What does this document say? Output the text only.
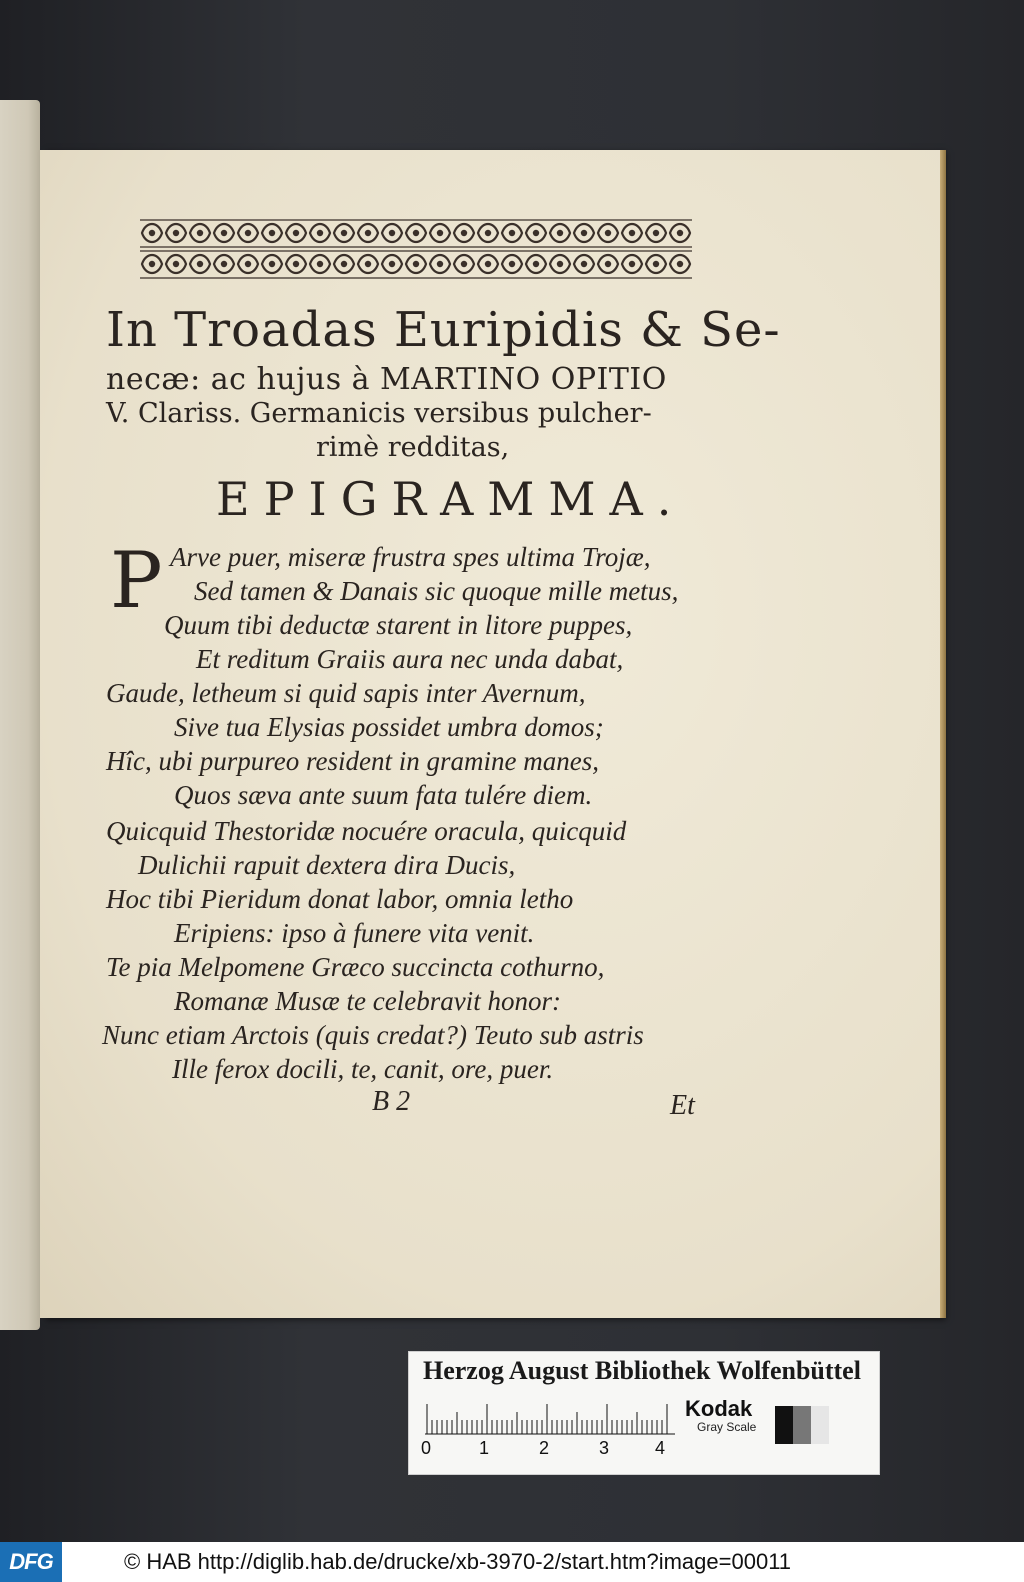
In Troadas Euripidis & Se-
necæ: ac hujus à MARTINO OPITIO
V. Clariss. Germanicis versibus pulcher-
rimè redditas,
EPIGRAMMA.
P Arve puer, miseræ frustra spes ultima Trojæ,
Sed tamen & Danais sic quoque mille metus,
Quum tibi deductæ starent in litore puppes,
Et reditum Graiis aura nec unda dabat,
Gaude, letheum si quid sapis inter Avernum,
Sive tua Elysias possidet umbra domos;
Hîc, ubi purpureo resident in gramine manes,
Quos sæva ante suum fata tulére diem.
Quicquid Thestoridæ nocuére oracula, quicquid
Dulichii rapuit dextera dira Ducis,
Hoc tibi Pieridum donat labor, omnia letho
Eripiens: ipso à funere vita venit.
Te pia Melpomene Græco succincta cothurno,
Romanæ Musæ te celebravit honor:
Nunc etiam Arctois (quis credat?) Teuto sub astris
Ille ferox docili, te, canit, ore, puer.
B 2	Et
Herzog August Bibliothek Wolfenbüttel
Kodak
Gray Scale
0	1	2	3	4
DFG	© HAB http://diglib.hab.de/drucke/xb-3970-2/start.htm?image=00011
